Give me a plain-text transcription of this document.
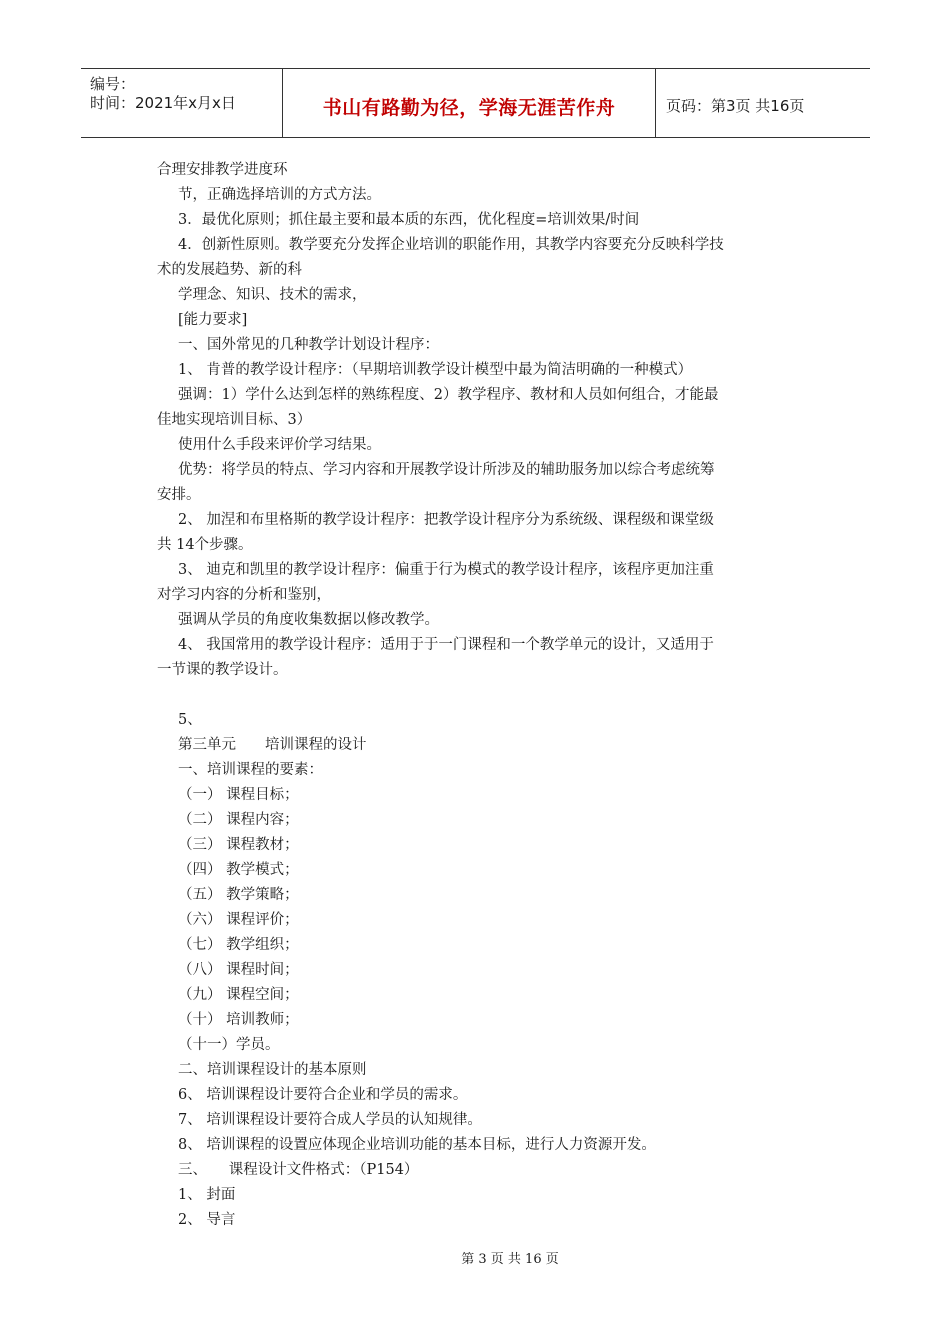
编号：
时间：2021年x月x日	书山有路勤为径，学海无涯苦作舟	页码：第3页 共16页
合理安排教学进度环
节，正确选择培训的方式方法。
3．最优化原则；抓住最主要和最本质的东西，优化程度=培训效果/时间
4．创新性原则。教学要充分发挥企业培训的职能作用，其教学内容要充分反映科学技
术的发展趋势、新的科
学理念、知识、技术的需求，
[能力要求]
一、国外常见的几种教学计划设计程序：
1、 肯普的教学设计程序：（早期培训教学设计模型中最为简洁明确的一种模式）
强调：1）学什么达到怎样的熟练程度、2）教学程序、教材和人员如何组合，才能最
佳地实现培训目标、3）
使用什么手段来评价学习结果。
优势：将学员的特点、学习内容和开展教学设计所涉及的辅助服务加以综合考虑统筹
安排。
2、 加涅和布里格斯的教学设计程序：把教学设计程序分为系统级、课程级和课堂级
共 14个步骤。
3、 迪克和凯里的教学设计程序：偏重于行为模式的教学设计程序，该程序更加注重
对学习内容的分析和鉴别，
强调从学员的角度收集数据以修改教学。
4、 我国常用的教学设计程序：适用于于一门课程和一个教学单元的设计，又适用于
一节课的教学设计。
5、
第三单元　　培训课程的设计
一、培训课程的要素：
（一） 课程目标；
（二） 课程内容；
（三） 课程教材；
（四） 教学模式；
（五） 教学策略；
（六） 课程评价；
（七） 教学组织；
（八） 课程时间；
（九） 课程空间；
（十） 培训教师；
（十一）学员。
二、培训课程设计的基本原则
6、 培训课程设计要符合企业和学员的需求。
7、 培训课程设计要符合成人学员的认知规律。
8、 培训课程的设置应体现企业培训功能的基本目标，进行人力资源开发。
三、　　课程设计文件格式：（P154）
1、 封面
2、 导言
第 3 页 共 16 页
